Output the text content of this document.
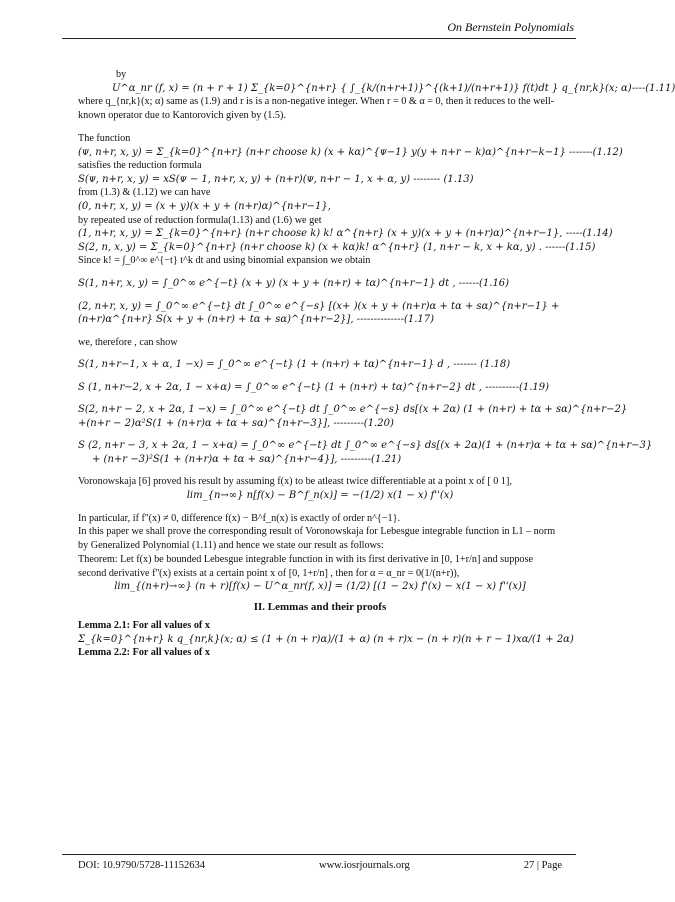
On Bernstein Polynomials
by
U^α_nr (f, x) = (n + r + 1) Σ_{k=0}^{n+r} { ∫_{k/(n+r+1)}^{(k+1)/(n+r+1)} f(t)dt } q_{nr,k}(x; α)----(1.11)
where q_{nr,k}(x; α) same as (1.9) and r is is a non-negative integer. When r = 0 & α = 0, then it reduces to the well-known operator due to Kantorovich given by (1.5).
The function
(ᴪ, n+r, x, y) = Σ_{k=0}^{n+r} (n+r choose k) (x + kα)^{ᴪ−1} y(y + n+r − k)α)^{n+r−k−1} -------(1.12)
satisfies the reduction formula
S(ᴪ, n+r, x, y) = xS(ᴪ − 1, n+r, x, y) + (n+r)(ᴪ, n+r − 1, x + α, y) -------- (1.13)
from (1.3) & (1.12) we can have
(0, n+r, x, y) = (x + y)(x + y + (n+r)α)^{n+r−1},
by repeated use of reduction formula(1.13) and (1.6) we get
(1, n+r, x, y) = Σ_{k=0}^{n+r} (n+r choose k) k! α^{n+r} (x + y)(x + y + (n+r)α)^{n+r−1}, -----(1.14)
S(2, n, x, y) = Σ_{k=0}^{n+r} (n+r choose k) (x + kα)k! α^{n+r} (1, n+r − k, x + kα, y) . ------(1.15)
Since k! = ∫_0^∞ e^{−t} t^k dt and using binomial expansion we obtain
S(1, n+r, x, y) = ∫_0^∞ e^{−t} (x + y) (x + y + (n+r) + tα)^{n+r−1} dt , ------(1.16)
(2, n+r, x, y) = ∫_0^∞ e^{−t} dt ∫_0^∞ e^{−s} [(x+ )(x + y + (n+r)α + tα + sα)^{n+r−1} +
(n+r)α^{n+r} S(x + y + (n+r) + tα + sα)^{n+r−2}], --------------(1.17)
we, therefore , can show
S(1, n+r−1, x + α, 1 −x) = ∫_0^∞ e^{−t} (1 + (n+r) + tα)^{n+r−1} d , ------- (1.18)
S (1, n+r−2, x + 2α, 1 − x+α) = ∫_0^∞ e^{−t} (1 + (n+r) + tα)^{n+r−2} dt , ----------(1.19)
S(2, n+r − 2, x + 2α, 1 −x) = ∫_0^∞ e^{−t} dt ∫_0^∞ e^{−s} ds[(x + 2α) (1 + (n+r) + tα + sα)^{n+r−2}
+(n+r − 2)α²S(1 + (n+r)α + tα + sα)^{n+r−3}], ---------(1.20)
S (2, n+r − 3, x + 2α, 1 − x+α) = ∫_0^∞ e^{−t} dt ∫_0^∞ e^{−s} ds[(x + 2α)(1 + (n+r)α + tα + sα)^{n+r−3}
+ (n+r −3)²S(1 + (n+r)α + tα + sα)^{n+r−4}], ---------(1.21)
Voronowskaja [6] proved his result by assuming f(x) to be atleast twice differentiable at a point x of [ 0 1],
lim_{n→∞} n[f(x) − B^f_n(x)] = −(1/2) x(1 − x) f''(x)
In particular, if f''(x) ≠ 0, difference f(x) − B^f_n(x) is exactly of order n^{−1}.
In this paper we shall prove the corresponding result of Voronowskaja for Lebesgue integrable function in L1 – norm by Generalized Polynomial (1.11) and hence we state our result as follows:
Theorem: Let f(x) be bounded Lebesgue integrable function in with its first derivative in [0, 1+r/n] and suppose second derivative f''(x) exists at a certain point x of [0, 1+r/n] , then for α = α_nr = 0(1/(n+r)),
lim_{(n+r)→∞} (n + r)[f(x) − U^α_nr(f, x)] = (1/2) [(1 − 2x) f'(x) − x(1 − x) f''(x)]
II. Lemmas and their proofs
Lemma 2.1: For all values of x
Σ_{k=0}^{n+r} k q_{nr,k}(x; α) ≤ (1 + (n + r)α)/(1 + α) (n + r)x − (n + r)(n + r − 1)xα/(1 + 2α)
Lemma 2.2: For all values of x
DOI: 10.9790/5728-11152634	www.iosrjournals.org	27 | Page
